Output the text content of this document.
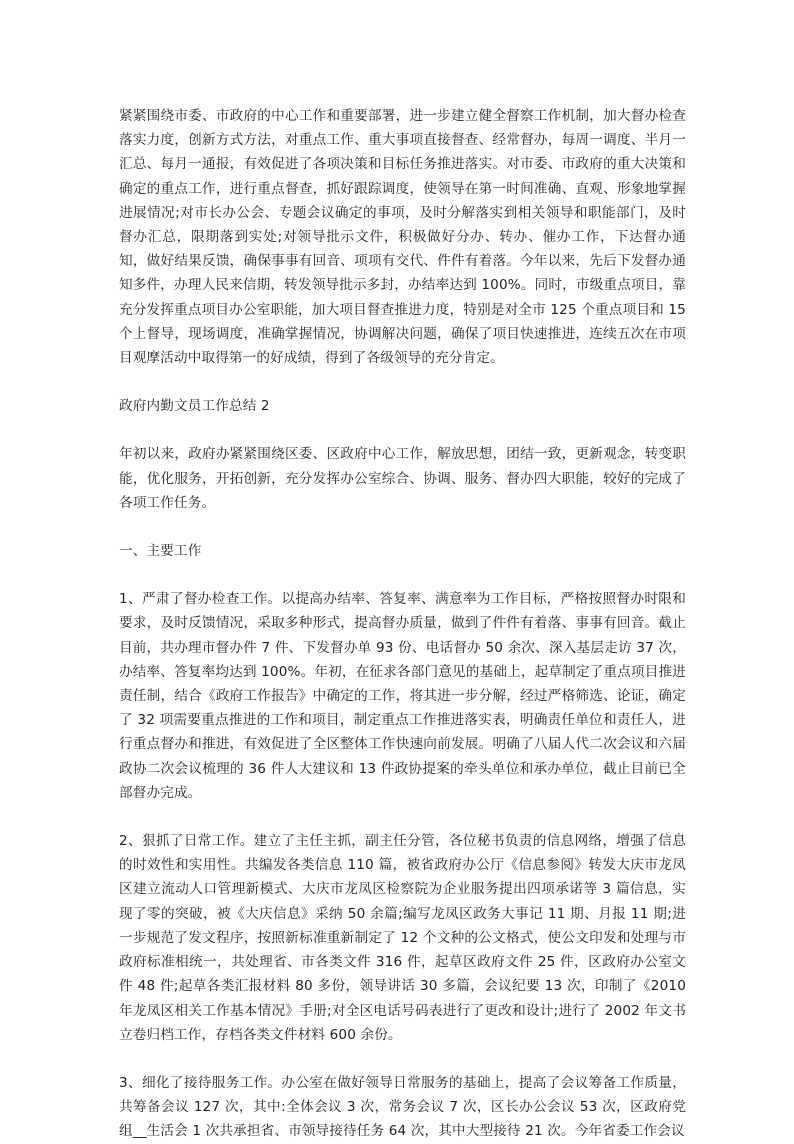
紧紧围绕市委、市政府的中心工作和重要部署，进一步建立健全督察工作机制，加大督办检查落实力度，创新方式方法，对重点工作、重大事项直接督查、经常督办，每周一调度、半月一汇总、每月一通报，有效促进了各项决策和目标任务推进落实。对市委、市政府的重大决策和确定的重点工作，进行重点督查，抓好跟踪调度，使领导在第一时间准确、直观、形象地掌握进展情况;对市长办公会、专题会议确定的事项，及时分解落实到相关领导和职能部门，及时督办汇总，限期落到实处;对领导批示文件，积极做好分办、转办、催办工作，下达督办通知，做好结果反馈，确保事事有回音、项项有交代、件件有着落。今年以来，先后下发督办通知多件，办理人民来信期，转发领导批示多封，办结率达到 100%。同时，市级重点项目，靠充分发挥重点项目办公室职能，加大项目督查推进力度，特别是对全市 125 个重点项目和 15 个上督导，现场调度，准确掌握情况，协调解决问题，确保了项目快速推进，连续五次在市项目观摩活动中取得第一的好成绩，得到了各级领导的充分肯定。

政府内勤文员工作总结 2

年初以来，政府办紧紧围绕区委、区政府中心工作，解放思想，团结一致，更新观念，转变职能，优化服务，开拓创新，充分发挥办公室综合、协调、服务、督办四大职能，较好的完成了各项工作任务。

一、主要工作

1、严肃了督办检查工作。以提高办结率、答复率、满意率为工作目标，严格按照督办时限和要求，及时反馈情况，采取多种形式，提高督办质量，做到了件件有着落、事事有回音。截止目前，共办理市督办件 7 件、下发督办单 93 份、电话督办 50 余次、深入基层走访 37 次，办结率、答复率均达到 100%。年初，在征求各部门意见的基础上，起草制定了重点项目推进责任制，结合《政府工作报告》中确定的工作，将其进一步分解，经过严格筛选、论证，确定了 32 项需要重点推进的工作和项目，制定重点工作推进落实表，明确责任单位和责任人，进行重点督办和推进，有效促进了全区整体工作快速向前发展。明确了八届人代二次会议和六届政协二次会议梳理的 36 件人大建议和 13 件政协提案的牵头单位和承办单位，截止目前已全部督办完成。

2、狠抓了日常工作。建立了主任主抓，副主任分管，各位秘书负责的信息网络，增强了信息的时效性和实用性。共编发各类信息 110 篇，被省政府办公厅《信息参阅》转发大庆市龙凤区建立流动人口管理新模式、大庆市龙凤区检察院为企业服务提出四项承诺等 3 篇信息，实现了零的突破，被《大庆信息》采纳 50 余篇;编写龙凤区政务大事记 11 期、月报 11 期;进一步规范了发文程序，按照新标准重新制定了 12 个文种的公文格式，使公文印发和处理与市政府标准相统一，共处理省、市各类文件 316 件，起草区政府文件 25 件，区政府办公室文件 48 件;起草各类汇报材料 80 多份，领导讲话 30 多篇，会议纪要 13 次，印制了《2010 年龙凤区相关工作基本情况》手册;对全区电话号码表进行了更改和设计;进行了 2002 年文书立卷归档工作，存档各类文件材料 600 余份。

3、细化了接待服务工作。办公室在做好领导日常服务的基础上，提高了会议筹备工作质量，共筹备会议 127 次，其中:全体会议 3 次，常务会议 7 次，区长办公会议 53 次，区政府党组__生活会 1 次共承担省、市领导接待任务 64 次，其中大型接待 21 次。今年省委工作会议
